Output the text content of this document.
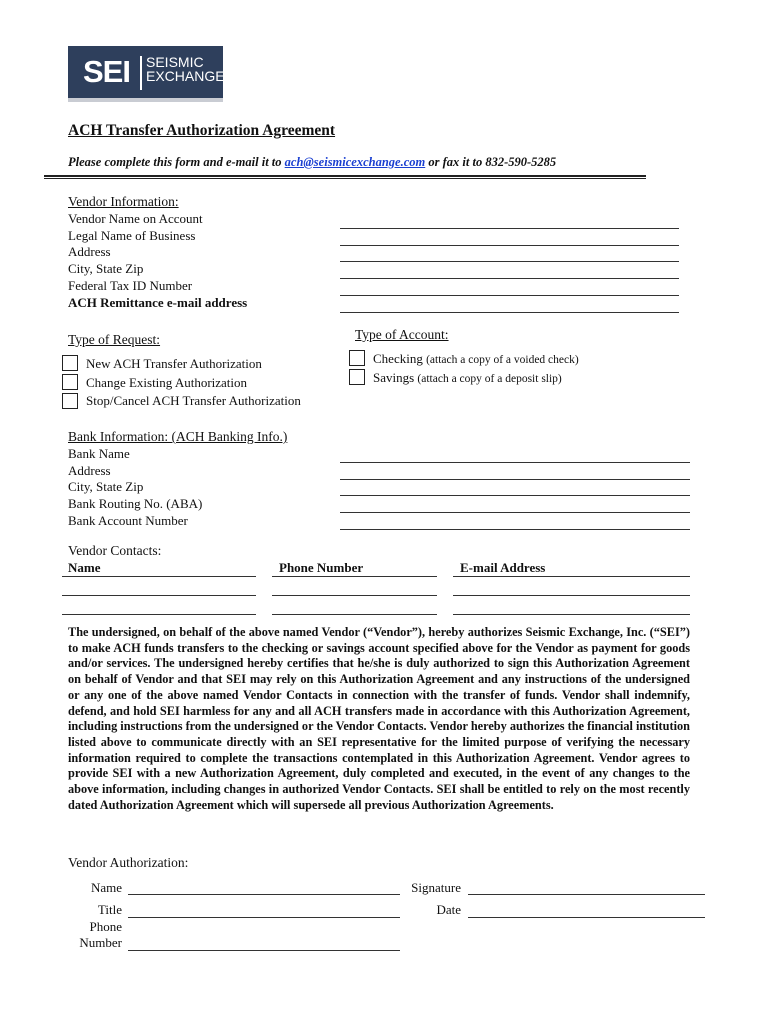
SEI SEISMIC
EXCHANGE
ACH Transfer Authorization Agreement
Please complete this form and e-mail it to ach@seismicexchange.com or fax it to 832-590-5285
Vendor Information:
Vendor Name on Account
Legal Name of Business
Address
City, State Zip
Federal Tax ID Number
ACH Remittance e-mail address
Type of Request:
New ACH Transfer Authorization
Change Existing Authorization
Stop/Cancel ACH Transfer Authorization
Type of Account:
Checking (attach a copy of a voided check)
Savings (attach a copy of a deposit slip)
Bank Information: (ACH Banking Info.)
Bank Name
Address
City, State Zip
Bank Routing No. (ABA)
Bank Account Number
Vendor Contacts:
Name	Phone Number	E-mail Address
The undersigned, on behalf of the above named Vendor (“Vendor”), hereby authorizes Seismic Exchange, Inc. (“SEI”) to make ACH funds transfers to the checking or savings account specified above for the Vendor as payment for goods and/or services. The undersigned hereby certifies that he/she is duly authorized to sign this Authorization Agreement on behalf of Vendor and that SEI may rely on this Authorization Agreement and any instructions of the undersigned or any one of the above named Vendor Contacts in connection with the transfer of funds. Vendor shall indemnify, defend, and hold SEI harmless for any and all ACH transfers made in accordance with this Authorization Agreement, including instructions from the undersigned or the Vendor Contacts. Vendor hereby authorizes the financial institution listed above to communicate directly with an SEI representative for the limited purpose of verifying the necessary information required to complete the transactions contemplated in this Authorization Agreement. Vendor agrees to provide SEI with a new Authorization Agreement, duly completed and executed, in the event of any changes to the above information, including changes in authorized Vendor Contacts. SEI shall be entitled to rely on the most recently dated Authorization Agreement which will supersede all previous Authorization Agreements.
Vendor Authorization:
Name
Title
Phone
Number
Signature
Date
